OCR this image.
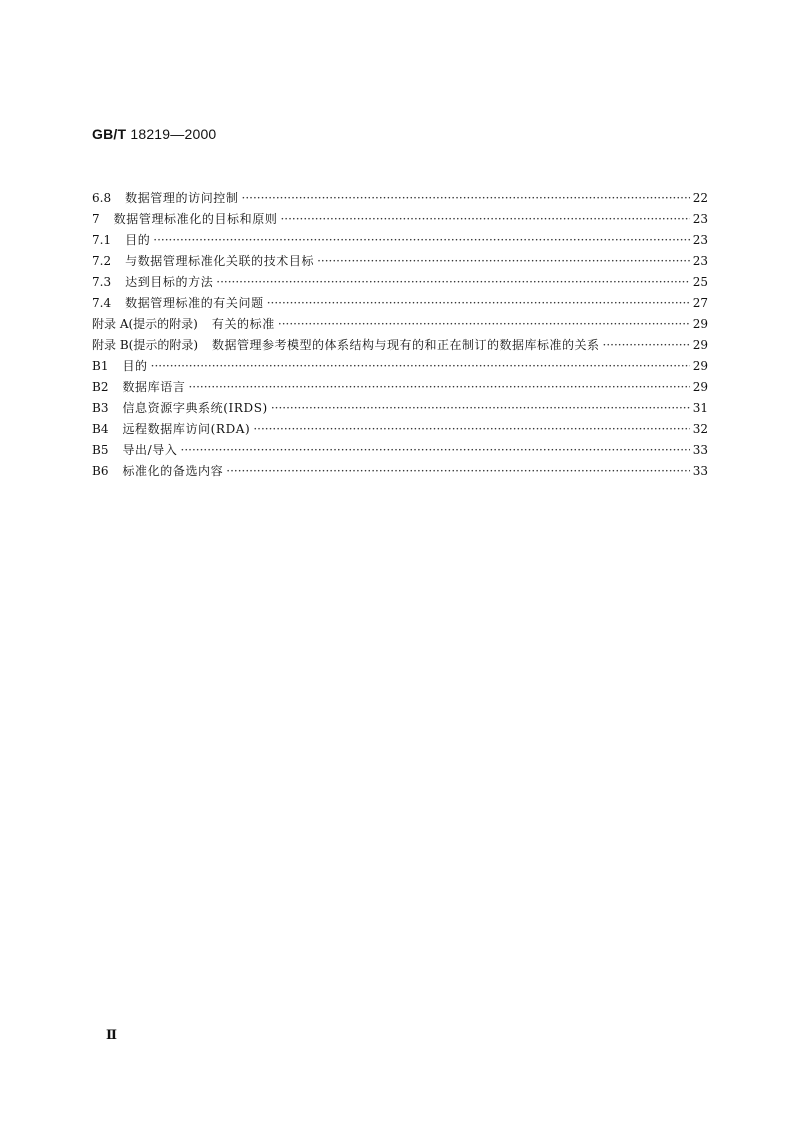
GB/T 18219—2000
6.8 数据管理的访问控制 ·····	22
7 数据管理标准化的目标和原则 ·····	23
7.1 目的 ·····	23
7.2 与数据管理标准化关联的技术目标 ·····	23
7.3 达到目标的方法 ·····	25
7.4 数据管理标准的有关问题 ·····	27
附录 A(提示的附录) 有关的标准 ·····	29
附录 B(提示的附录) 数据管理参考模型的体系结构与现有的和正在制订的数据库标准的关系 ·····	29
B1 目的 ·····	29
B2 数据库语言 ·····	29
B3 信息资源字典系统(IRDS) ·····	31
B4 远程数据库访问(RDA) ·····	32
B5 导出/导入 ·····	33
B6 标准化的备选内容 ·····	33
Ⅱ
